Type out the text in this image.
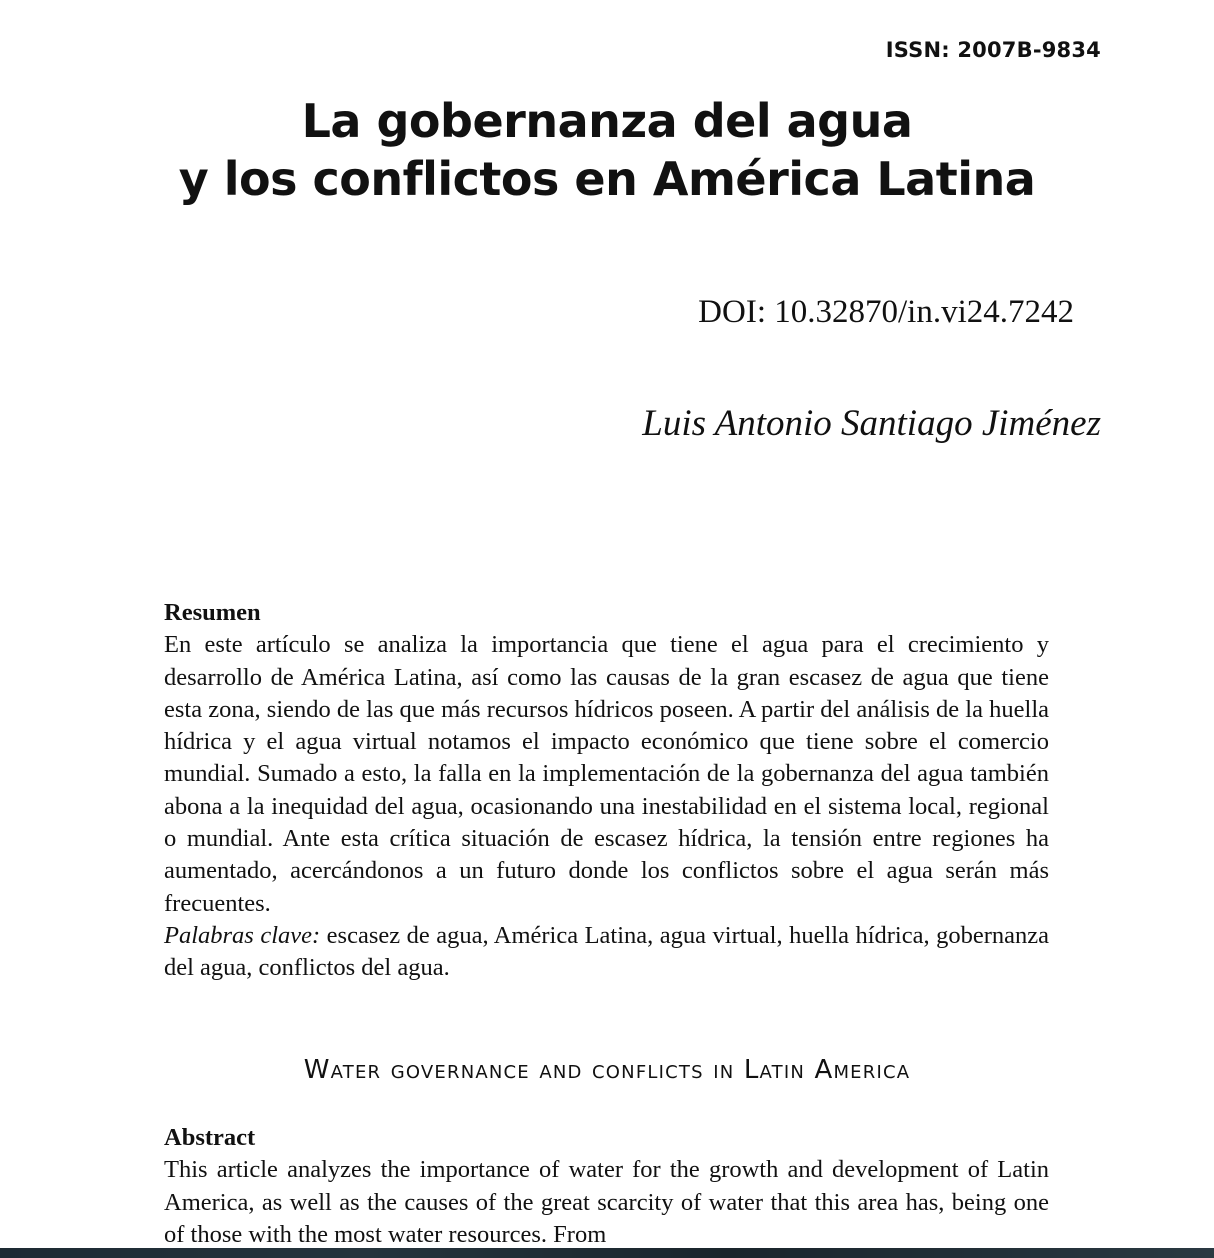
ISSN: 2007B-9834
La gobernanza del agua
y los conflictos en América Latina
DOI: 10.32870/in.vi24.7242
Luis Antonio Santiago Jiménez
Resumen
En este artículo se analiza la importancia que tiene el agua para el crecimiento y desarrollo de América Latina, así como las causas de la gran escasez de agua que tiene esta zona, siendo de las que más recursos hídricos poseen. A partir del análisis de la huella hídrica y el agua virtual notamos el impacto económico que tiene sobre el comercio mundial. Sumado a esto, la falla en la implementación de la gobernanza del agua también abona a la inequidad del agua, ocasionando una inestabilidad en el sistema local, regional o mundial. Ante esta crítica situación de escasez hídrica, la tensión entre regiones ha aumentado, acercándonos a un futuro donde los conflictos sobre el agua serán más frecuentes.
Palabras clave: escasez de agua, América Latina, agua virtual, huella hídrica, gobernanza del agua, conflictos del agua.
Water governance and conflicts in Latin America
Abstract
This article analyzes the importance of water for the growth and development of Latin America, as well as the causes of the great scarcity of water that this area has, being one of those with the most water resources. From
